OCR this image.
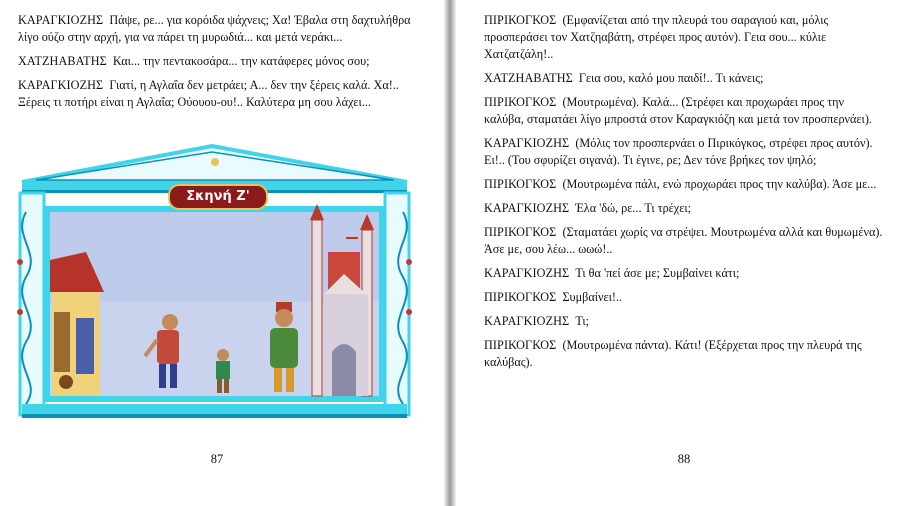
ΚΑΡΑΓΚΙΟΖΗΣ Πάψε, ρε... για κορόιδα ψάχνεις; Χα! Έβαλα στη δαχτυλήθρα λίγο ούζο στην αρχή, για να πάρει τη μυρωδιά... και μετά νεράκι...

ΧΑΤΖΗΑΒΑΤΗΣ Και... την πεντακοσάρα... την κατάφερες μόνος σου;

ΚΑΡΑΓΚΙΟΖΗΣ Γιατί, η Αγλαΐα δεν μετράει; Α... δεν την ξέρεις καλά. Χα!.. Ξέρεις τι ποτήρι είναι η Αγλαΐα; Ούουου-ου!.. Καλύτερα μη σου λάχει...

Σκηνή Ζ'
87

ΠΙΡΙΚΟΓΚΟΣ (Εμφανίζεται από την πλευρά του σαραγιού και, μόλις προσπεράσει τον Χατζηαβάτη, στρέφει προς αυτόν). Γεια σου... κύλιε Χατζατζάλη!..

ΧΑΤΖΗΑΒΑΤΗΣ Γεια σου, καλό μου παιδί!.. Τι κάνεις;

ΠΙΡΙΚΟΓΚΟΣ (Μουτρωμένα). Καλά... (Στρέφει και προχωράει προς την καλύβα, σταματάει λίγο μπροστά στον Καραγκιόζη και μετά τον προσπερνάει).

ΚΑΡΑΓΚΙΟΖΗΣ (Μόλις τον προσπερνάει ο Πιρικόγκος, στρέφει προς αυτόν). Ει!.. (Του σφυρίζει σιγανά). Τι έγινε, ρε; Δεν τόνε βρήκες τον ψηλό;

ΠΙΡΙΚΟΓΚΟΣ (Μουτρωμένα πάλι, ενώ προχωράει προς την καλύβα). Άσε με...

ΚΑΡΑΓΚΙΟΖΗΣ Έλα 'δώ, ρε... Τι τρέχει;

ΠΙΡΙΚΟΓΚΟΣ (Σταματάει χωρίς να στρέψει. Μουτρωμένα αλλά και θυμωμένα). Άσε με, σου λέω... ωωώ!..

ΚΑΡΑΓΚΙΟΖΗΣ Τι θα 'πεί άσε με; Συμβαίνει κάτι;

ΠΙΡΙΚΟΓΚΟΣ Συμβαίνει!..

ΚΑΡΑΓΚΙΟΖΗΣ Τι;

ΠΙΡΙΚΟΓΚΟΣ (Μουτρωμένα πάντα). Κάτι! (Εξέρχεται προς την πλευρά της καλύβας).

88
